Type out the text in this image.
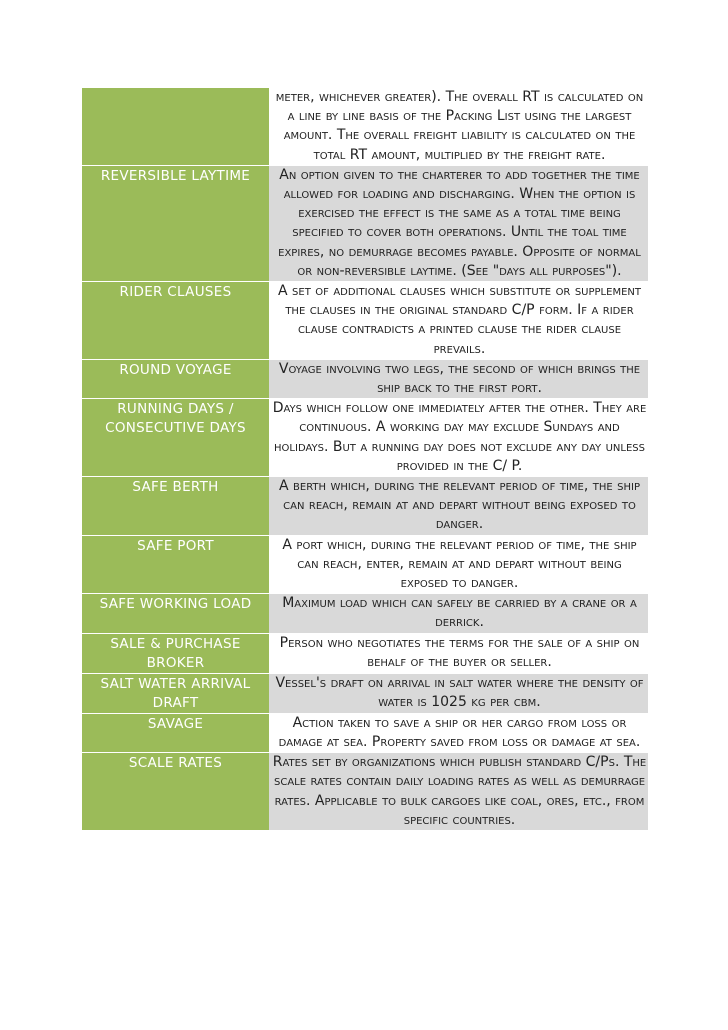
	meter, whichever greater). The overall RT is calculated on a line by line basis of the Packing List using the largest amount. The overall freight liability is calculated on the total RT amount, multiplied by the freight rate.
REVERSIBLE LAYTIME	An option given to the charterer to add together the time allowed for loading and discharging. When the option is exercised the effect is the same as a total time being specified to cover both operations. Until the toal time expires, no demurrage becomes payable. Opposite of normal or non-reversible laytime. (See "days all purposes").
RIDER CLAUSES	A set of additional clauses which substitute or supplement the clauses in the original standard C/P form. If a rider clause contradicts a printed clause the rider clause prevails.
ROUND VOYAGE	Voyage involving two legs, the second of which brings the ship back to the first port.
RUNNING DAYS / CONSECUTIVE DAYS	Days which follow one immediately after the other. They are continuous. A working day may exclude Sundays and holidays. But a running day does not exclude any day unless provided in the C/ P.
SAFE BERTH	A berth which, during the relevant period of time, the ship can reach, remain at and depart without being exposed to danger.
SAFE PORT	A port which, during the relevant period of time, the ship can reach, enter, remain at and depart without being exposed to danger.
SAFE WORKING LOAD	Maximum load which can safely be carried by a crane or a derrick.
SALE & PURCHASE BROKER	Person who negotiates the terms for the sale of a ship on behalf of the buyer or seller.
SALT WATER ARRIVAL DRAFT	Vessel's draft on arrival in salt water where the density of water is 1025 kg per cbm.
SAVAGE	Action taken to save a ship or her cargo from loss or damage at sea. Property saved from loss or damage at sea.
SCALE RATES	Rates set by organizations which publish standard C/Ps. The scale rates contain daily loading rates as well as demurrage rates. Applicable to bulk cargoes like coal, ores, etc., from specific countries.
